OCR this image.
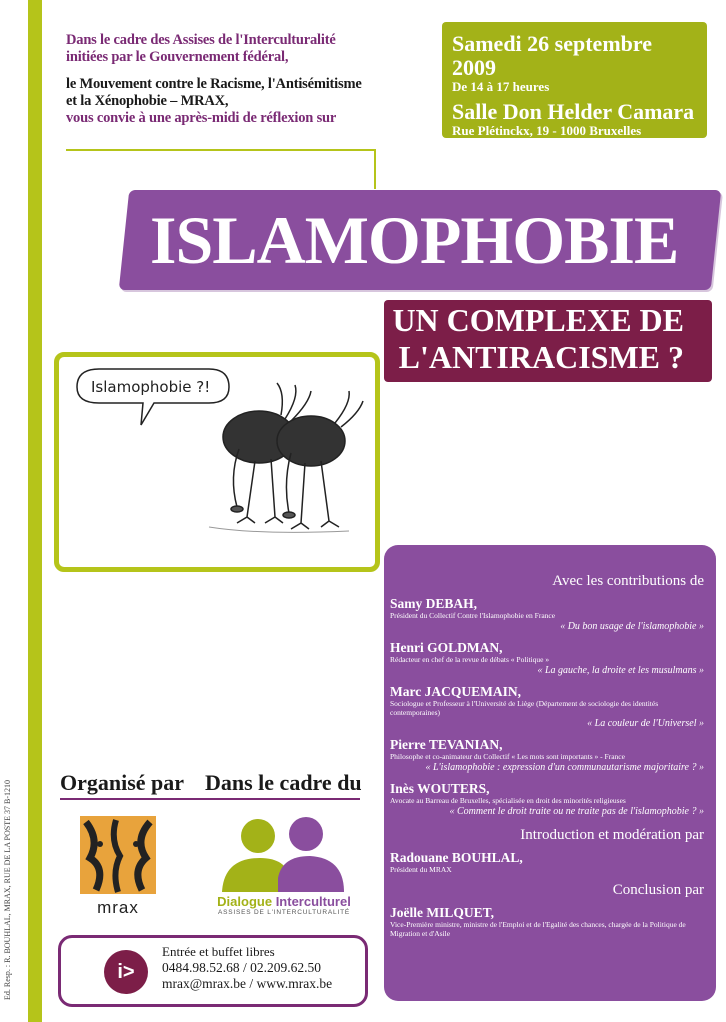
Ed. Resp. : R. BOUHLAL, MRAX, RUE DE LA POSTE 37 B-1210

Dans le cadre des Assises de l'Interculturalité
initiées par le Gouvernement fédéral,

le Mouvement contre le Racisme, l'Antisémitisme
et la Xénophobie – MRAX,
vous convie à une après-midi de réflexion sur

Samedi 26 septembre 2009
De 14 à 17 heures
Salle Don Helder Camara
Rue Plétinckx, 19 - 1000 Bruxelles
ISLAMOPHOBIE
UN COMPLEXE DE
L'ANTIRACISME ?
Islamophobie ?!
Avec les contributions de
Samy DEBAH,
Président du Collectif Contre l'Islamophobie en France
« Du bon usage de l'islamophobie »
Henri GOLDMAN,
Rédacteur en chef de la revue de débats « Politique »
« La gauche, la droite et les musulmans »
Marc JACQUEMAIN,
Sociologue et Professeur à l'Université de Liège (Département de sociologie des identités contemporaines)
« La couleur de l'Universel »
Pierre TEVANIAN,
Philosophe et co-animateur du Collectif « Les mots sont importants » - France
« L'islamophobie : expression d'un communautarisme majoritaire ? »
Inès WOUTERS,
Avocate au Barreau de Bruxelles, spécialisée en droit des minorités religieuses
« Comment le droit traite ou ne traite pas de l'islamophobie ? »
Introduction et modération par
Radouane BOUHLAL,
Président du MRAX
Conclusion par
Joëlle MILQUET,
Vice-Première ministre, ministre de l'Emploi et de l'Egalité des chances, chargée de la Politique de Migration et d'Asile
Organisé par Dans le cadre du
mrax	Dialogue Interculturel
ASSISES DE L'INTERCULTURALITÉ
i>
Entrée et buffet libres
0484.98.52.68 / 02.209.62.50
mrax@mrax.be / www.mrax.be
